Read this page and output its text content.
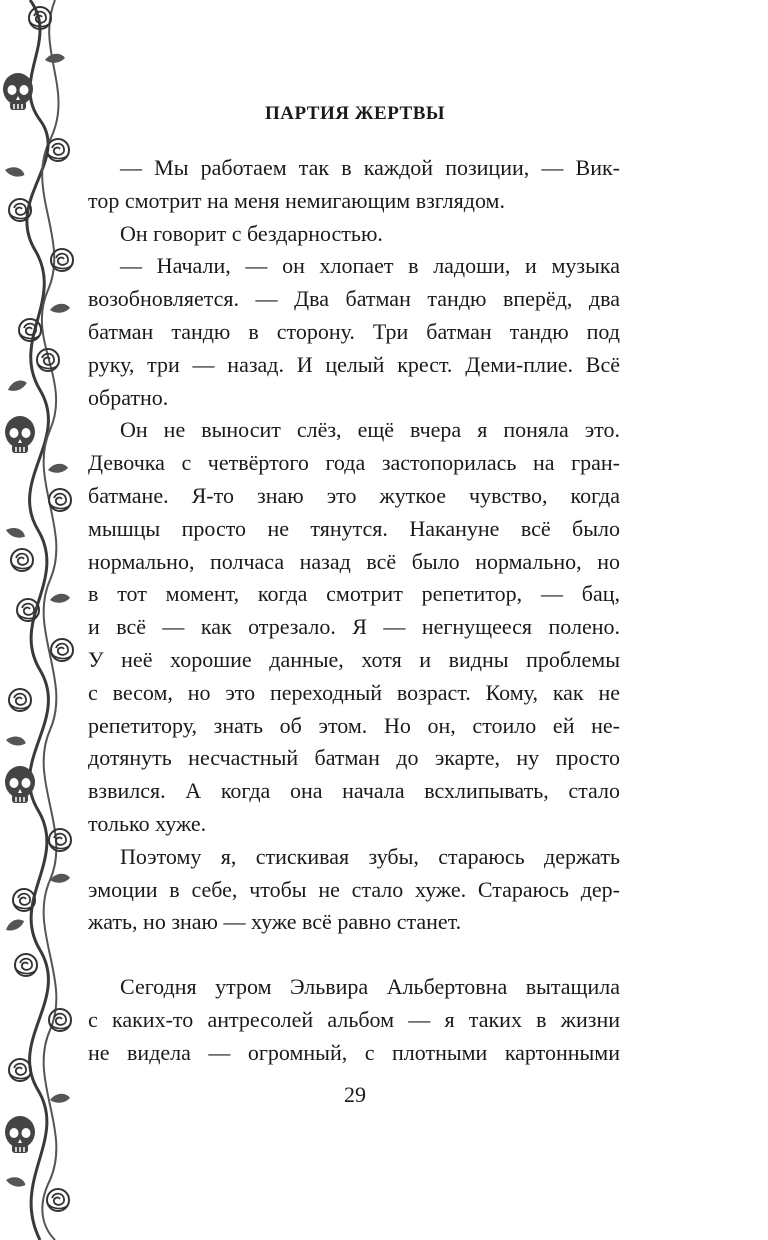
ПАРТИЯ ЖЕРТВЫ

— Мы работаем так в каждой позиции, — Вик-
тор смотрит на меня немигающим взглядом.

Он говорит с бездарностью.

— Начали, — он хлопает в ладоши, и музыка
возобновляется. — Два батман тандю вперёд, два
батман тандю в сторону. Три батман тандю под
руку, три — назад. И целый крест. Деми-плие. Всё
обратно.

Он не выносит слёз, ещё вчера я поняла это.
Девочка с четвёртого года застопорилась на гран-
батмане. Я-то знаю это жуткое чувство, когда
мышцы просто не тянутся. Накануне всё было
нормально, полчаса назад всё было нормально, но
в тот момент, когда смотрит репетитор, — бац,
и всё — как отрезало. Я — негнущееся полено.
У неё хорошие данные, хотя и видны проблемы
с весом, но это переходный возраст. Кому, как не
репетитору, знать об этом. Но он, стоило ей не-
дотянуть несчастный батман до экарте, ну просто
взвился. А когда она начала всхлипывать, стало
только хуже.

Поэтому я, стискивая зубы, стараюсь держать
эмоции в себе, чтобы не стало хуже. Стараюсь дер-
жать, но знаю — хуже всё равно станет.

Сегодня утром Эльвира Альбертовна вытащила
с каких-то антресолей альбом — я таких в жизни
не видела — огромный, с плотными картонными

29
